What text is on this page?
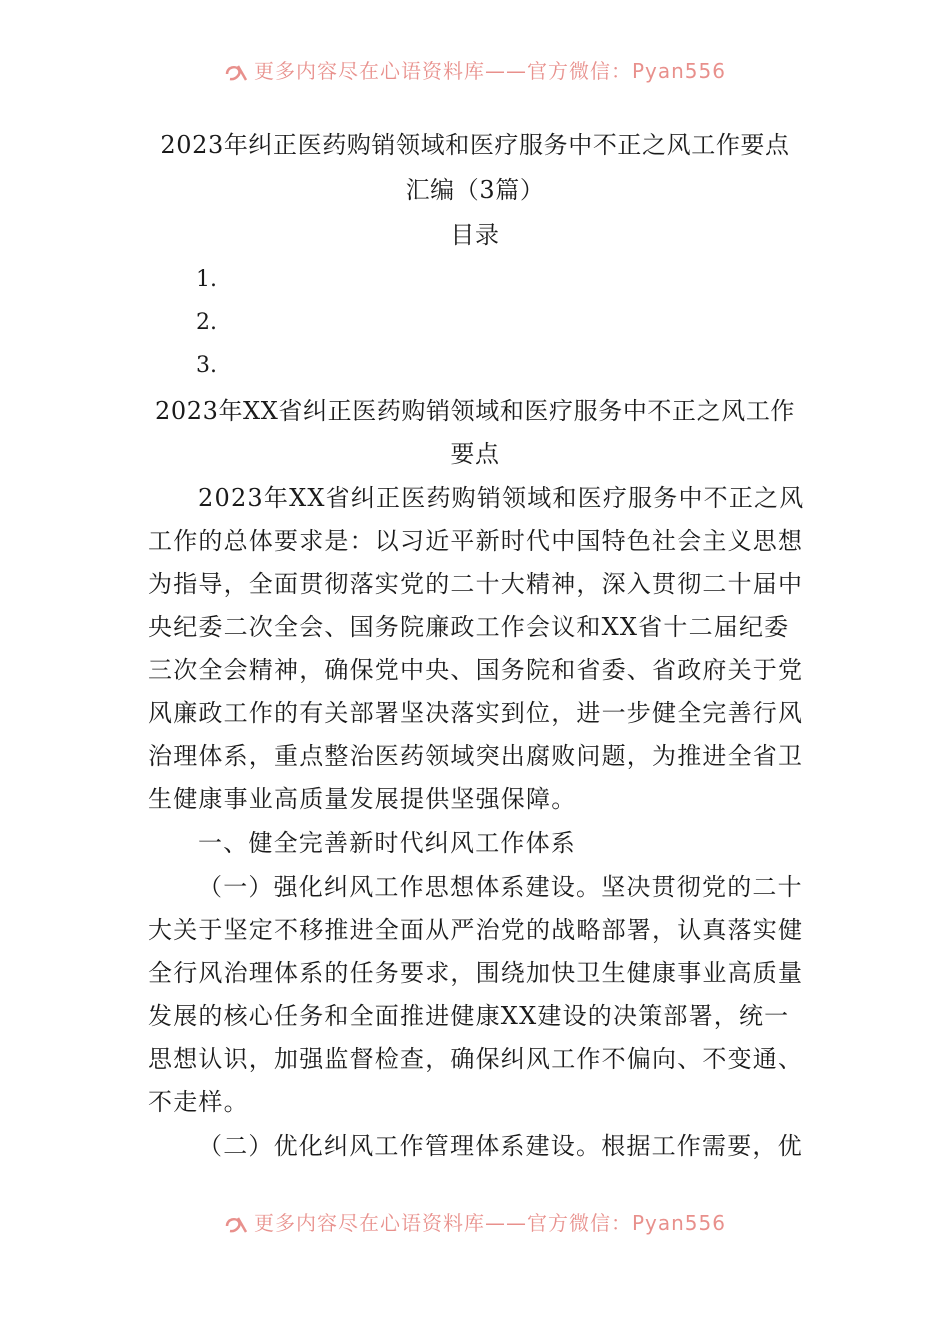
更多内容尽在心语资料库——官方微信：Pyan556
2023年纠正医药购销领域和医疗服务中不正之风工作要点
汇编（3篇）
目录
1.
2.
3.
2023年XX省纠正医药购销领域和医疗服务中不正之风工作
要点
2023年XX省纠正医药购销领域和医疗服务中不正之风
工作的总体要求是：以习近平新时代中国特色社会主义思想
为指导，全面贯彻落实党的二十大精神，深入贯彻二十届中
央纪委二次全会、国务院廉政工作会议和XX省十二届纪委
三次全会精神，确保党中央、国务院和省委、省政府关于党
风廉政工作的有关部署坚决落实到位，进一步健全完善行风
治理体系，重点整治医药领域突出腐败问题，为推进全省卫
生健康事业高质量发展提供坚强保障。
一、健全完善新时代纠风工作体系
（一）强化纠风工作思想体系建设。坚决贯彻党的二十
大关于坚定不移推进全面从严治党的战略部署，认真落实健
全行风治理体系的任务要求，围绕加快卫生健康事业高质量
发展的核心任务和全面推进健康XX建设的决策部署，统一
思想认识，加强监督检查，确保纠风工作不偏向、不变通、
不走样。
（二）优化纠风工作管理体系建设。根据工作需要，优
更多内容尽在心语资料库——官方微信：Pyan556
